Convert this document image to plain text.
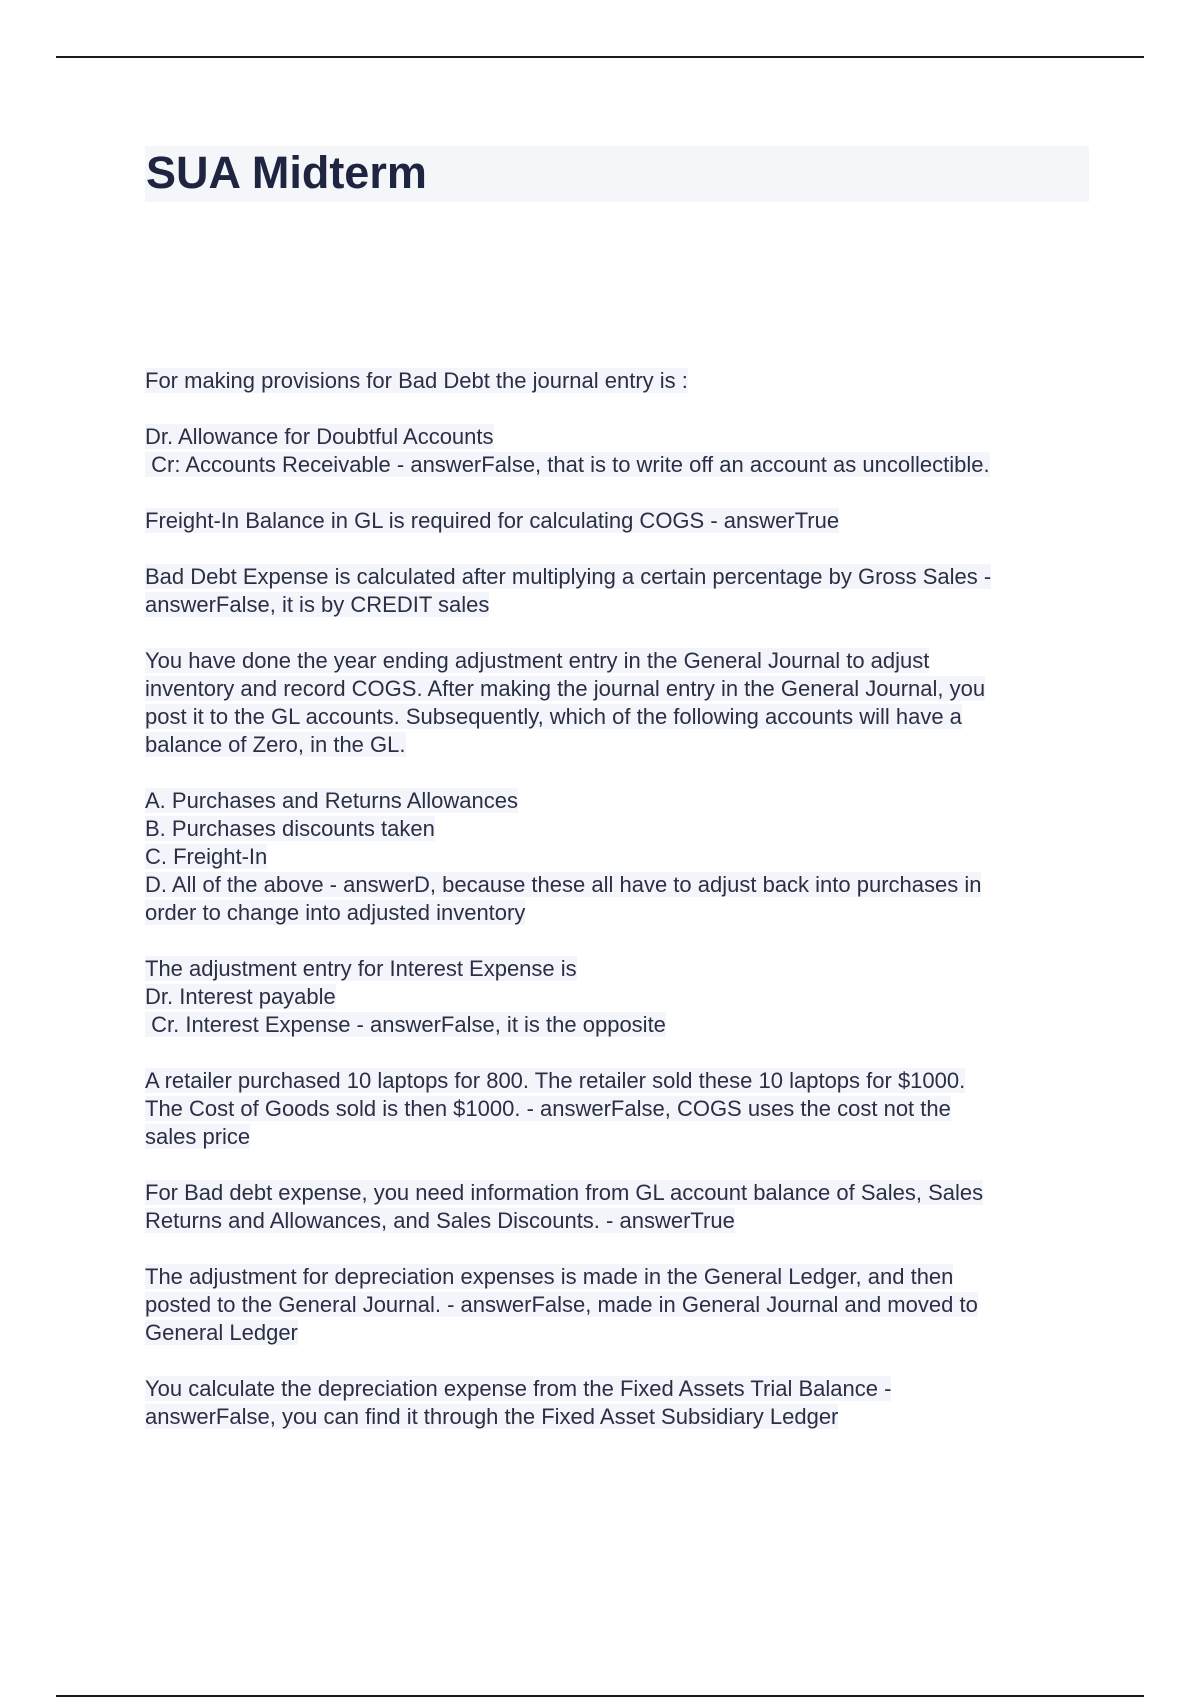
SUA Midterm
For making provisions for Bad Debt the journal entry is :
Dr. Allowance for Doubtful Accounts
Cr: Accounts Receivable - answerFalse, that is to write off an account as uncollectible.
Freight-In Balance in GL is required for calculating COGS - answerTrue
Bad Debt Expense is calculated after multiplying a certain percentage by Gross Sales -
answerFalse, it is by CREDIT sales
You have done the year ending adjustment entry in the General Journal to adjust
inventory and record COGS. After making the journal entry in the General Journal, you
post it to the GL accounts. Subsequently, which of the following accounts will have a
balance of Zero, in the GL.
A. Purchases and Returns Allowances
B. Purchases discounts taken
C. Freight-In
D. All of the above - answerD, because these all have to adjust back into purchases in
order to change into adjusted inventory
The adjustment entry for Interest Expense is
Dr. Interest payable
Cr. Interest Expense - answerFalse, it is the opposite
A retailer purchased 10 laptops for 800. The retailer sold these 10 laptops for $1000.
The Cost of Goods sold is then $1000. - answerFalse, COGS uses the cost not the
sales price
For Bad debt expense, you need information from GL account balance of Sales, Sales
Returns and Allowances, and Sales Discounts. - answerTrue
The adjustment for depreciation expenses is made in the General Ledger, and then
posted to the General Journal. - answerFalse, made in General Journal and moved to
General Ledger
You calculate the depreciation expense from the Fixed Assets Trial Balance -
answerFalse, you can find it through the Fixed Asset Subsidiary Ledger
